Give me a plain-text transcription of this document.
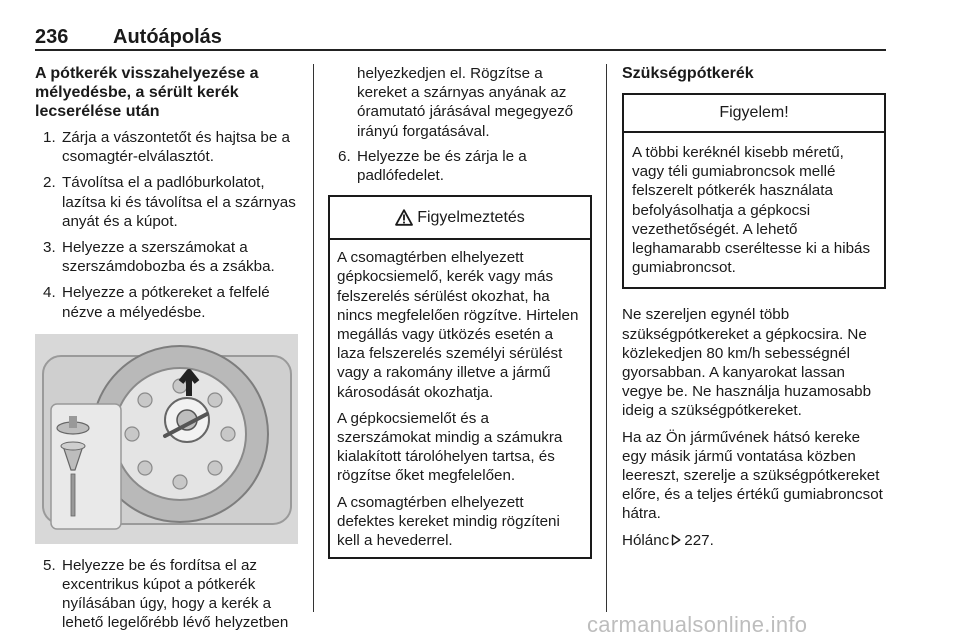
236 Autóápolás
A pótkerék visszahelyezése a mélyedésbe, a sérült kerék lecserélése után
1. Zárja a vászontetőt és hajtsa be a csomagtér-elválasztót.
2. Távolítsa el a padlóburkolatot, lazítsa ki és távolítsa el a szárnyas anyát és a kúpot.
3. Helyezze a szerszámokat a szerszámdobozba és a zsákba.
4. Helyezze a pótkereket a felfelé nézve a mélyedésbe.
5. Helyezze be és fordítsa el az excentrikus kúpot a pótkerék nyílásában úgy, hogy a kerék a lehető legelőrébb lévő helyzetben

helyezkedjen el. Rögzítse a kereket a szárnyas anyának az óramutató járásával megegyező irányú forgatásával.

6. Helyezze be és zárja le a padlófedelet.
Figyelmeztetés

A csomagtérben elhelyezett gépkocsiemelő, kerék vagy más felszerelés sérülést okozhat, ha nincs megfelelően rögzítve. Hirtelen megállás vagy ütközés esetén a laza felszerelés személyi sérülést vagy a rakomány illetve a jármű károsodását okozhatja.

A gépkocsiemelőt és a szerszámokat mindig a számukra kialakított tárolóhelyen tartsa, és rögzítse őket megfelelően.

A csomagtérben elhelyezett defektes kereket mindig rögzíteni kell a hevederrel.

Szükségpótkerék
Figyelem!
A többi keréknél kisebb méretű, vagy téli gumiabroncsok mellé felszerelt pótkerék használata befolyásolhatja a gépkocsi vezethetőségét. A lehető leghamarabb cseréltesse ki a hibás gumiabroncsot.

Ne szereljen egynél több szükségpótkereket a gépkocsira. Ne közlekedjen 80 km/h sebességnél gyorsabban. A kanyarokat lassan vegye be. Ne használja huzamosabb ideig a szükségpótkereket.

Ha az Ön járművének hátsó kereke egy másik jármű vontatása közben leereszt, szerelje a szükségpótkereket előre, és a teljes értékű gumiabroncsot hátra.

Hólánc 227.

carmanualsonline.info
